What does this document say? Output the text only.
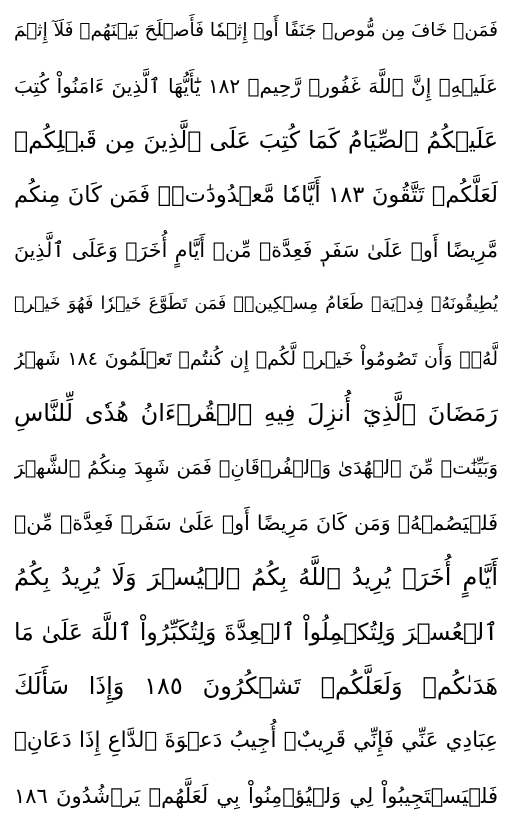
فَمَنۡ خَافَ مِن مُّوصٖ جَنَفًا أَوۡ إِثۡمٗا فَأَصۡلَحَ بَيۡنَهُمۡ فَلَآ إِثۡمَ
عَلَيۡهِۚ إِنَّ ٱللَّهَ غَفُورٞ رَّحِيمٞ ١٨٢ يَٰٓأَيُّهَا ٱلَّذِينَ ءَامَنُواْ كُتِبَ
عَلَيۡكُمُ ٱلصِّيَامُ كَمَا كُتِبَ عَلَى ٱلَّذِينَ مِن قَبۡلِكُمۡ
لَعَلَّكُمۡ تَتَّقُونَ ١٨٣ أَيَّامٗا مَّعۡدُودَٰتٖۚ فَمَن كَانَ مِنكُم
مَّرِيضًا أَوۡ عَلَىٰ سَفَرٖ فَعِدَّةٞ مِّنۡ أَيَّامٍ أُخَرَۚ وَعَلَى ٱلَّذِينَ
يُطِيقُونَهُۥ فِدۡيَةٞ طَعَامُ مِسۡكِينٖۖ فَمَن تَطَوَّعَ خَيۡرٗا فَهُوَ خَيۡرٞ
لَّهُۥۚ وَأَن تَصُومُواْ خَيۡرٞ لَّكُمۡ إِن كُنتُمۡ تَعۡلَمُونَ ١٨٤ شَهۡرُ
رَمَضَانَ ٱلَّذِيٓ أُنزِلَ فِيهِ ٱلۡقُرۡءَانُ هُدٗى لِّلنَّاسِ
وَبَيِّنَٰتٖ مِّنَ ٱلۡهُدَىٰ وَٱلۡفُرۡقَانِۚ فَمَن شَهِدَ مِنكُمُ ٱلشَّهۡرَ
فَلۡيَصُمۡهُۖ وَمَن كَانَ مَرِيضًا أَوۡ عَلَىٰ سَفَرٖ فَعِدَّةٞ مِّنۡ
أَيَّامٍ أُخَرَۗ يُرِيدُ ٱللَّهُ بِكُمُ ٱلۡيُسۡرَ وَلَا يُرِيدُ بِكُمُ
ٱلۡعُسۡرَ وَلِتُكۡمِلُواْ ٱلۡعِدَّةَ وَلِتُكَبِّرُواْ ٱللَّهَ عَلَىٰ مَا
هَدَىٰكُمۡ وَلَعَلَّكُمۡ تَشۡكُرُونَ ١٨٥ وَإِذَا سَأَلَكَ
عِبَادِي عَنِّي فَإِنِّي قَرِيبٌۖ أُجِيبُ دَعۡوَةَ ٱلدَّاعِ إِذَا دَعَانِۖ
فَلۡيَسۡتَجِيبُواْ لِي وَلۡيُؤۡمِنُواْ بِي لَعَلَّهُمۡ يَرۡشُدُونَ ١٨٦
